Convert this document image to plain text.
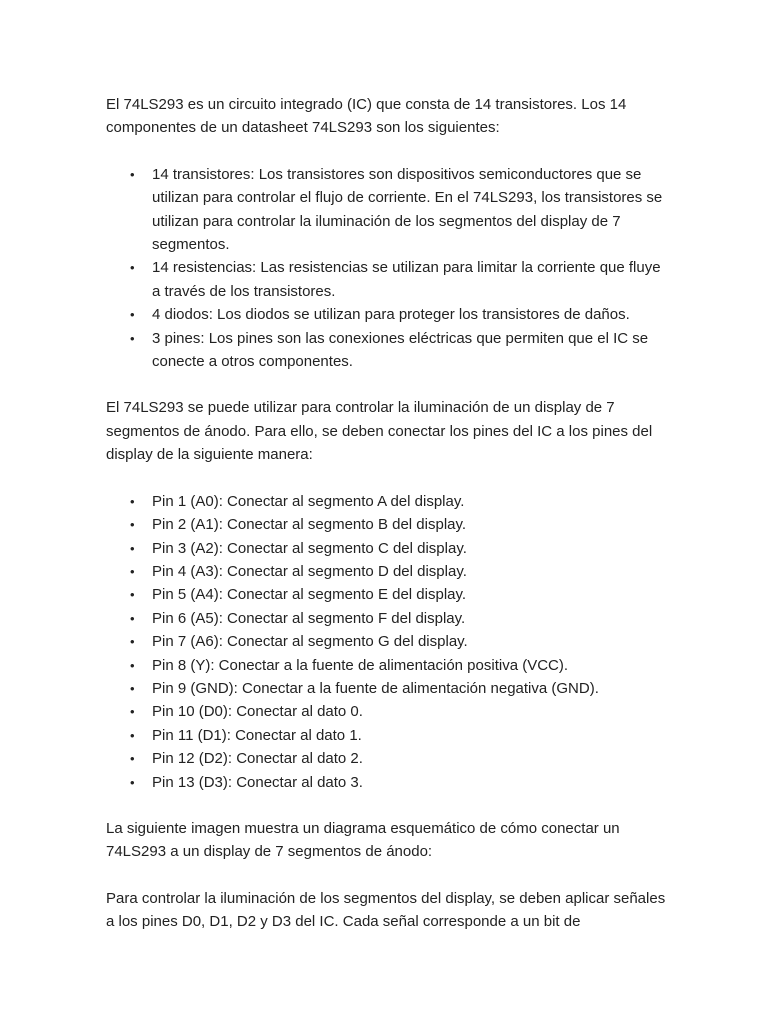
El 74LS293 es un circuito integrado (IC) que consta de 14 transistores. Los 14 componentes de un datasheet 74LS293 son los siguientes:

• 14 transistores: Los transistores son dispositivos semiconductores que se utilizan para controlar el flujo de corriente. En el 74LS293, los transistores se utilizan para controlar la iluminación de los segmentos del display de 7 segmentos.
• 14 resistencias: Las resistencias se utilizan para limitar la corriente que fluye a través de los transistores.
• 4 diodos: Los diodos se utilizan para proteger los transistores de daños.
• 3 pines: Los pines son las conexiones eléctricas que permiten que el IC se conecte a otros componentes.

El 74LS293 se puede utilizar para controlar la iluminación de un display de 7 segmentos de ánodo. Para ello, se deben conectar los pines del IC a los pines del display de la siguiente manera:

• Pin 1 (A0): Conectar al segmento A del display.
• Pin 2 (A1): Conectar al segmento B del display.
• Pin 3 (A2): Conectar al segmento C del display.
• Pin 4 (A3): Conectar al segmento D del display.
• Pin 5 (A4): Conectar al segmento E del display.
• Pin 6 (A5): Conectar al segmento F del display.
• Pin 7 (A6): Conectar al segmento G del display.
• Pin 8 (Y): Conectar a la fuente de alimentación positiva (VCC).
• Pin 9 (GND): Conectar a la fuente de alimentación negativa (GND).
• Pin 10 (D0): Conectar al dato 0.
• Pin 11 (D1): Conectar al dato 1.
• Pin 12 (D2): Conectar al dato 2.
• Pin 13 (D3): Conectar al dato 3.

La siguiente imagen muestra un diagrama esquemático de cómo conectar un 74LS293 a un display de 7 segmentos de ánodo:

Para controlar la iluminación de los segmentos del display, se deben aplicar señales a los pines D0, D1, D2 y D3 del IC. Cada señal corresponde a un bit de
